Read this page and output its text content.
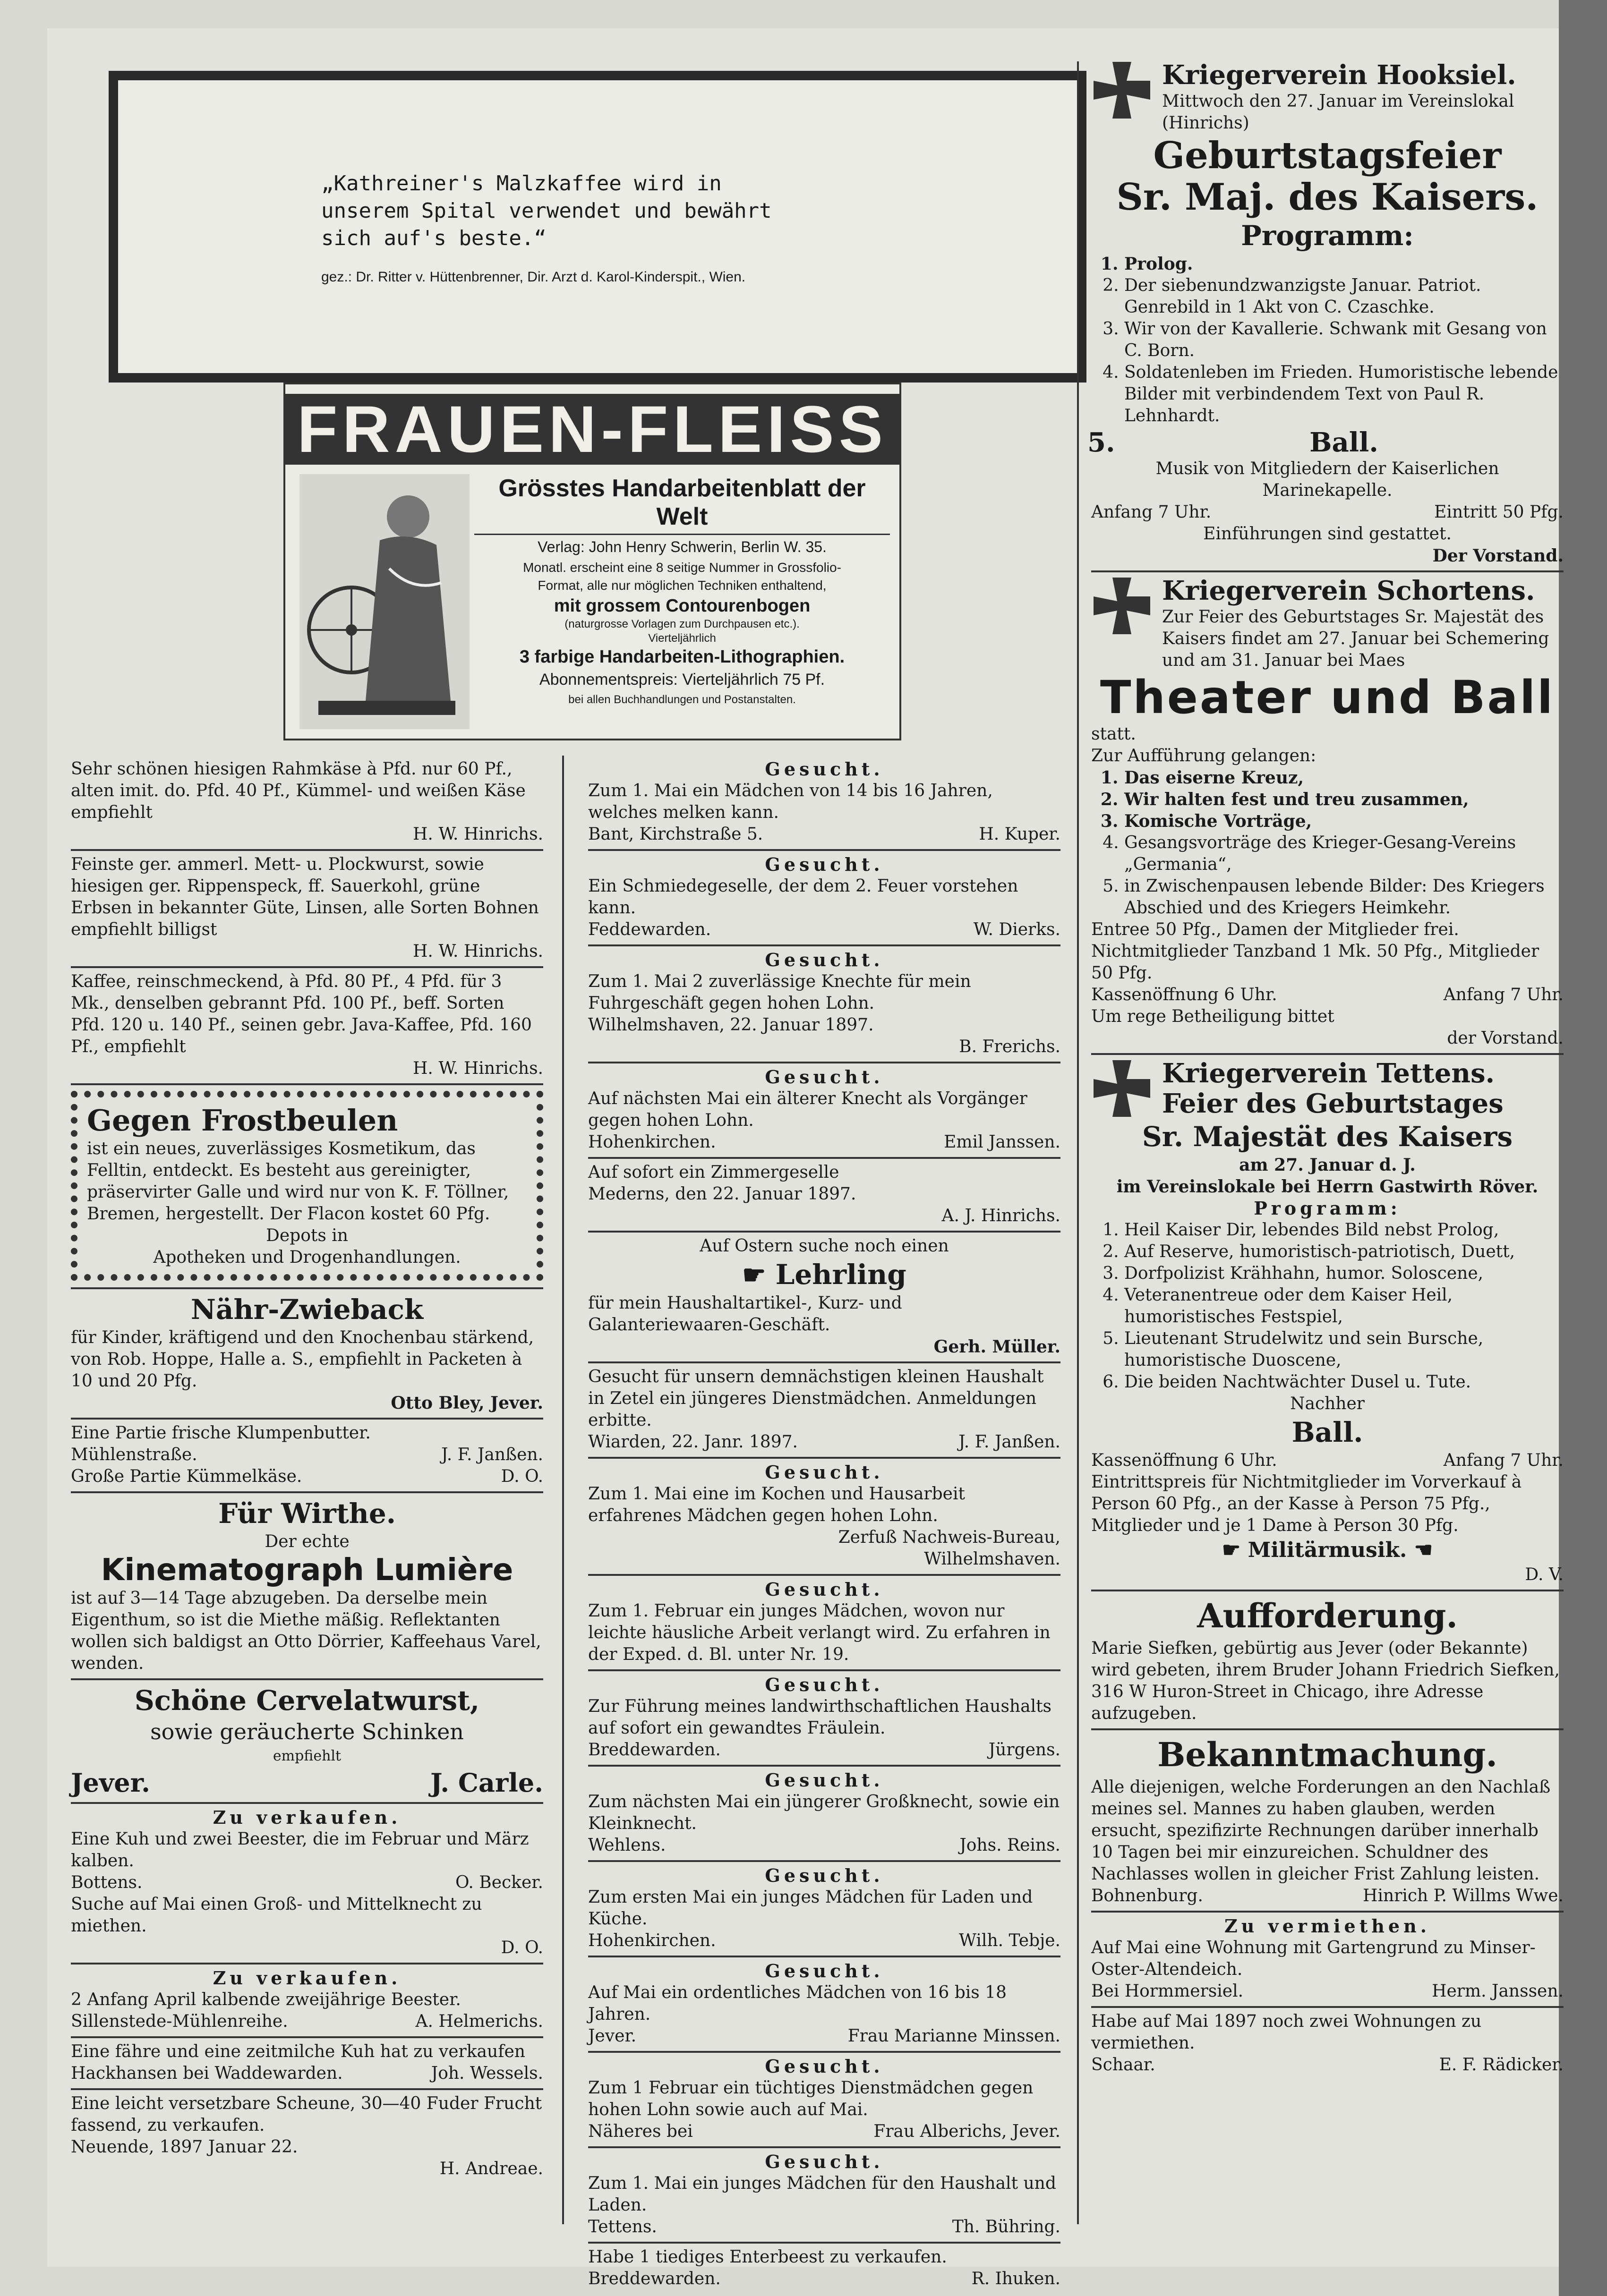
„Kathreiner's Malzkaffee wird in
unserem Spital verwendet und bewährt
sich auf's beste.“
gez.: Dr. Ritter v. Hüttenbrenner, Dir. Arzt d. Karol-Kinderspit., Wien.
FRAUEN-FLEISS
Grösstes Handarbeitenblatt der Welt
Verlag: John Henry Schwerin, Berlin W. 35.
Monatl. erscheint eine 8 seitige Nummer in Grossfolio-
Format, alle nur möglichen Techniken enthaltend,
mit grossem Contourenbogen
(naturgrosse Vorlagen zum Durchpausen etc.).
Vierteljährlich
3 farbige Handarbeiten-Lithographien.
Abonnementspreis: Vierteljährlich 75 Pf.
bei allen Buchhandlungen und Postanstalten.

Sehr schönen hiesigen Rahmkäse à Pfd. nur 60 Pf., alten imit. do. Pfd. 40 Pf., Kümmel- und weißen Käse empfiehlt

H. W. Hinrichs.

Feinste ger. ammerl. Mett- u. Plockwurst, sowie hiesigen ger. Rippenspeck, ff. Sauerkohl, grüne Erbsen in bekannter Güte, Linsen, alle Sorten Bohnen empfiehlt billigst

H. W. Hinrichs.

Kaffee, reinschmeckend, à Pfd. 80 Pf., 4 Pfd. für 3 Mk., denselben gebrannt Pfd. 100 Pf., beff. Sorten Pfd. 120 u. 140 Pf., seinen gebr. Java-Kaffee, Pfd. 160 Pf., empfiehlt

H. W. Hinrichs.
Gegen Frostbeulen

ist ein neues, zuverlässiges Kosmetikum, das Felltin, entdeckt. Es besteht aus gereinigter, präservirter Galle und wird nur von K. F. Töllner, Bremen, hergestellt. Der Flacon kostet 60 Pfg.

Depots in

Apotheken und Drogenhandlungen.

Nähr-Zwieback

für Kinder, kräftigend und den Knochenbau stärkend, von Rob. Hoppe, Halle a. S., empfiehlt in Packeten à 10 und 20 Pfg.

Otto Bley, Jever.

Eine Partie frische Klumpenbutter.

Mühlenstraße.	J. F. Janßen.
Große Partie Kümmelkäse.	D. O.
Für Wirthe.

Der echte

Kinematograph Lumière

ist auf 3—14 Tage abzugeben. Da derselbe mein Eigenthum, so ist die Miethe mäßig. Reflektanten wollen sich baldigst an Otto Dörrier, Kaffeehaus Varel, wenden.

Schöne Cervelatwurst,

sowie geräucherte Schinken

empfiehlt

Jever.	J. Carle.
Zu verkaufen.

Eine Kuh und zwei Beester, die im Februar und März kalben.

Bottens.	O. Becker.

Suche auf Mai einen Groß- und Mittelknecht zu miethen.

D. O.
Zu verkaufen.

2 Anfang April kalbende zweijährige Beester.

Sillenstede-Mühlenreihe.	A. Helmerichs.

Eine fähre und eine zeitmilche Kuh hat zu verkaufen

Hackhansen bei Waddewarden.	Joh. Wessels.

Eine leicht versetzbare Scheune, 30—40 Fuder Frucht fassend, zu verkaufen.

Neuende, 1897 Januar 22.

H. Andreae.
Gesucht.

Zum 1. Mai ein Mädchen von 14 bis 16 Jahren, welches melken kann.

Bant, Kirchstraße 5.	H. Kuper.
Gesucht.

Ein Schmiedegeselle, der dem 2. Feuer vorstehen kann.

Feddewarden.	W. Dierks.
Gesucht.

Zum 1. Mai 2 zuverlässige Knechte für mein Fuhrgeschäft gegen hohen Lohn.

Wilhelmshaven, 22. Januar 1897.

B. Frerichs.
Gesucht.

Auf nächsten Mai ein älterer Knecht als Vorgänger gegen hohen Lohn.

Hohenkirchen.	Emil Janssen.

Auf sofort ein Zimmergeselle

Mederns, den 22. Januar 1897.

A. J. Hinrichs.

Auf Ostern suche noch einen

☛ Lehrling

für mein Haushaltartikel-, Kurz- und Galanteriewaaren-Geschäft.

Gerh. Müller.

Gesucht für unsern demnächstigen kleinen Haushalt in Zetel ein jüngeres Dienstmädchen. Anmeldungen erbitte.

Wiarden, 22. Janr. 1897.	J. F. Janßen.
Gesucht.

Zum 1. Mai eine im Kochen und Hausarbeit erfahrenes Mädchen gegen hohen Lohn.

Zerfuß Nachweis-Bureau,

Wilhelmshaven.

Gesucht.

Zum 1. Februar ein junges Mädchen, wovon nur leichte häusliche Arbeit verlangt wird. Zu erfahren in der Exped. d. Bl. unter Nr. 19.

Gesucht.

Zur Führung meines landwirthschaftlichen Haushalts auf sofort ein gewandtes Fräulein.

Breddewarden.	Jürgens.
Gesucht.

Zum nächsten Mai ein jüngerer Großknecht, sowie ein Kleinknecht.

Wehlens.	Johs. Reins.
Gesucht.

Zum ersten Mai ein junges Mädchen für Laden und Küche.

Hohenkirchen.	Wilh. Tebje.
Gesucht.

Auf Mai ein ordentliches Mädchen von 16 bis 18 Jahren.

Jever.	Frau Marianne Minssen.
Gesucht.

Zum 1 Februar ein tüchtiges Dienstmädchen gegen hohen Lohn sowie auch auf Mai.

Näheres bei	Frau Alberichs, Jever.
Gesucht.

Zum 1. Mai ein junges Mädchen für den Haushalt und Laden.

Tettens.	Th. Bühring.

Habe 1 tiediges Enterbeest zu verkaufen.

Breddewarden.	R. Ihuken.
Kriegerverein Hooksiel.

Mittwoch den 27. Januar im Vereinslokal (Hinrichs)

Geburtstagsfeier
Sr. Maj. des Kaisers.
Programm:
1. Prolog.
2. Der siebenundzwanzigste Januar. Patriot. Genrebild in 1 Akt von C. Czaschke.
3. Wir von der Kavallerie. Schwank mit Gesang von C. Born.
4. Soldatenleben im Frieden. Humoristische lebende Bilder mit verbindendem Text von Paul R. Lehnhardt.
5. Ball.

Musik von Mitgliedern der Kaiserlichen Marinekapelle.

Anfang 7 Uhr.	Eintritt 50 Pfg.

Einführungen sind gestattet.

Der Vorstand.
Kriegerverein Schortens.

Zur Feier des Geburtstages Sr. Majestät des Kaisers findet am 27. Januar bei Schemering und am 31. Januar bei Maes

Theater und Ball

statt.

Zur Aufführung gelangen:

1. Das eiserne Kreuz,
2. Wir halten fest und treu zusammen,
3. Komische Vorträge,
4. Gesangsvorträge des Krieger-Gesang-Vereins „Germania“,
5. in Zwischenpausen lebende Bilder: Des Kriegers Abschied und des Kriegers Heimkehr.

Entree 50 Pfg., Damen der Mitglieder frei. Nichtmitglieder Tanzband 1 Mk. 50 Pfg., Mitglieder 50 Pfg.

Kassenöffnung 6 Uhr.	Anfang 7 Uhr.

Um rege Betheiligung bittet

der Vorstand.
Kriegerverein Tettens.
Feier des Geburtstages
Sr. Majestät des Kaisers

am 27. Januar d. J.

im Vereinslokale bei Herrn Gastwirth Röver.

Programm:
1. Heil Kaiser Dir, lebendes Bild nebst Prolog,
2. Auf Reserve, humoristisch-patriotisch, Duett,
3. Dorfpolizist Krähhahn, humor. Soloscene,
4. Veteranentreue oder dem Kaiser Heil, humoristisches Festspiel,
5. Lieutenant Strudelwitz und sein Bursche, humoristische Duoscene,
6. Die beiden Nachtwächter Dusel u. Tute.

Nachher

Ball.
Kassenöffnung 6 Uhr.	Anfang 7 Uhr.

Eintrittspreis für Nichtmitglieder im Vorverkauf à Person 60 Pfg., an der Kasse à Person 75 Pfg., Mitglieder und je 1 Dame à Person 30 Pfg.

☛ Militärmusik. ☚
D. V.
Aufforderung.

Marie Siefken, gebürtig aus Jever (oder Bekannte) wird gebeten, ihrem Bruder Johann Friedrich Siefken, 316 W Huron-Street in Chicago, ihre Adresse aufzugeben.

Bekanntmachung.

Alle diejenigen, welche Forderungen an den Nachlaß meines sel. Mannes zu haben glauben, werden ersucht, spezifizirte Rechnungen darüber innerhalb 10 Tagen bei mir einzureichen. Schuldner des Nachlasses wollen in gleicher Frist Zahlung leisten.

Bohnenburg.	Hinrich P. Willms Wwe.
Zu vermiethen.

Auf Mai eine Wohnung mit Gartengrund zu Minser-Oster-Altendeich.

Bei Hormmersiel.	Herm. Janssen.

Habe auf Mai 1897 noch zwei Wohnungen zu vermiethen.

Schaar.	E. F. Rädicker.
